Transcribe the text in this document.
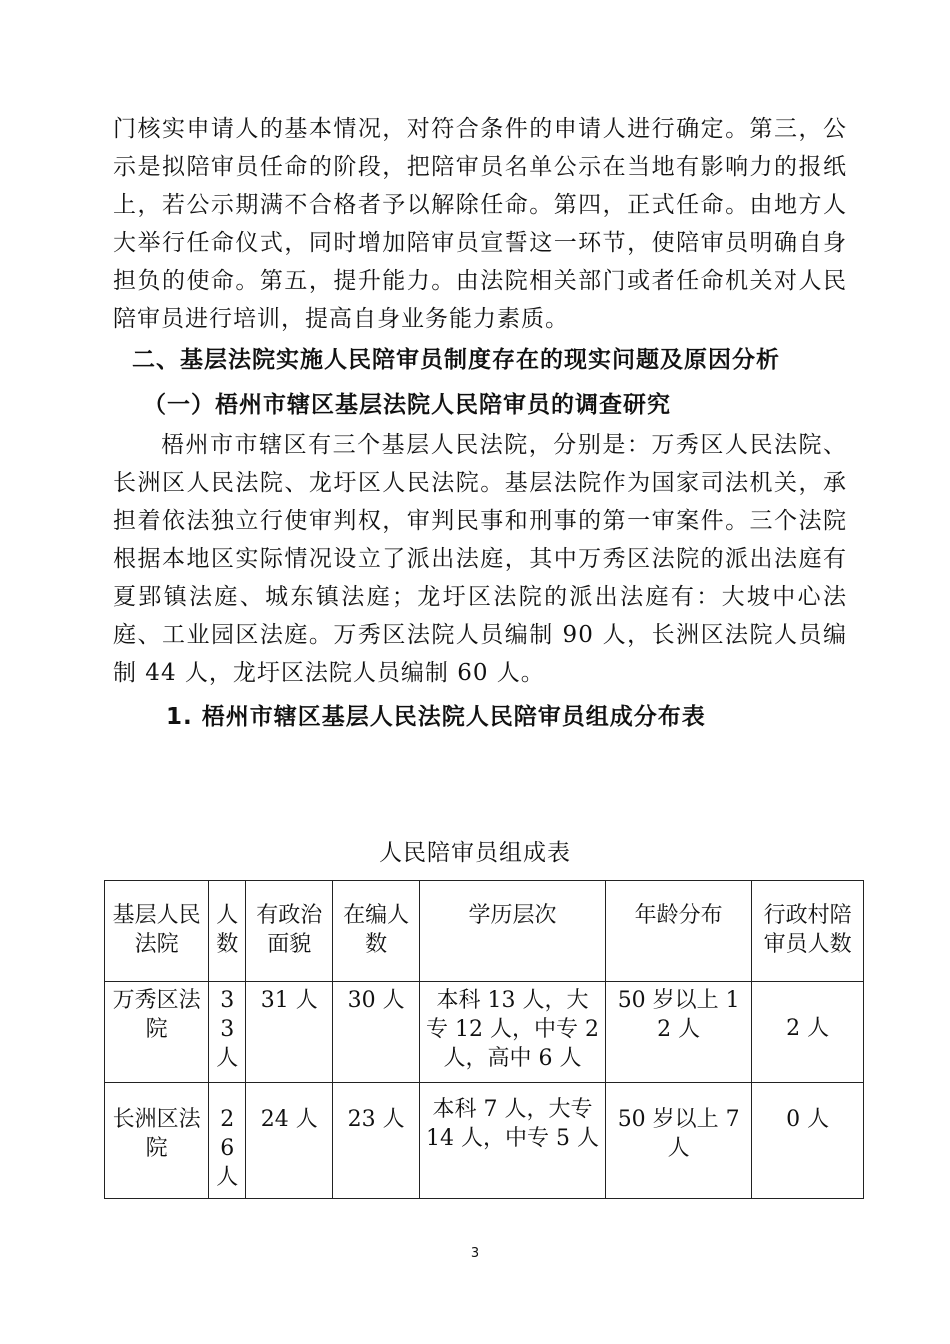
门核实申请人的基本情况，对符合条件的申请人进行确定。第三，公示是拟陪审员任命的阶段，把陪审员名单公示在当地有影响力的报纸上，若公示期满不合格者予以解除任命。第四，正式任命。由地方人大举行任命仪式，同时增加陪审员宣誓这一环节，使陪审员明确自身担负的使命。第五，提升能力。由法院相关部门或者任命机关对人民陪审员进行培训，提高自身业务能力素质。

二、基层法院实施人民陪审员制度存在的现实问题及原因分析
（一）梧州市辖区基层法院人民陪审员的调查研究

梧州市市辖区有三个基层人民法院，分别是：万秀区人民法院、长洲区人民法院、龙圩区人民法院。基层法院作为国家司法机关，承担着依法独立行使审判权，审判民事和刑事的第一审案件。三个法院根据本地区实际情况设立了派出法庭，其中万秀区法院的派出法庭有夏郢镇法庭、城东镇法庭；龙圩区法院的派出法庭有：大坡中心法庭、工业园区法庭。万秀区法院人员编制 90 人，长洲区法院人员编制 44 人，龙圩区法院人员编制 60 人。

1. 梧州市辖区基层人民法院人民陪审员组成分布表
人民陪审员组成表
基层人民法院	人数	有政治面貌	在编人数	学历层次	年龄分布	行政村陪审员人数
万秀区法院	33 人	31 人	30 人	本科 13 人，大专 12 人，中专 2 人，高中 6 人	50 岁以上 12 人	2 人
长洲区法院	26 人	24 人	23 人	本科 7 人，大专 14 人，中专 5 人	50 岁以上 7 人	0 人
3
